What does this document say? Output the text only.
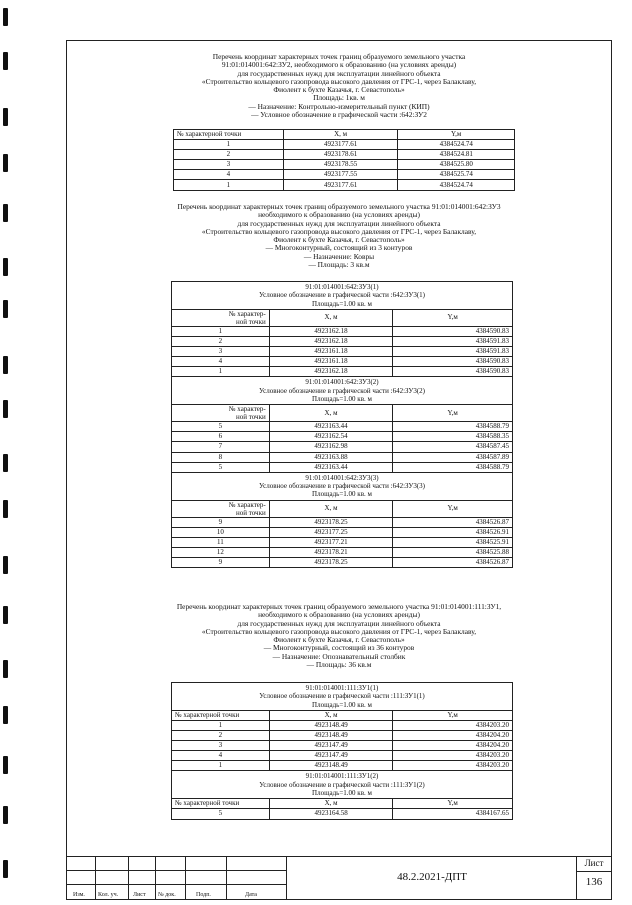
Перечень координат характерных точек границ образуемого земельного участка
91:01:014001:642:ЗУ2, необходимого к образованию (на условиях аренды)
для государственных нужд для эксплуатации линейного объекта
«Строительство кольцевого газопровода высокого давления от ГРС-1, через Балаклаву,
Фиолент к бухте Казачья, г. Севастополь»
Площадь: 1кв. м
— Назначение: Контрольно-измерительный пункт (КИП)
— Условное обозначение в графической части :642:ЗУ2
№ характерной точки	X, м	Y,м
1	4923177.61	4384524.74
2	4923178.61	4384524.81
3	4923178.55	4384525.80
4	4923177.55	4384525.74
1	4923177.61	4384524.74
Перечень координат характерных точек границ образуемого земельного участка 91:01:014001:642:ЗУ3
необходимого к образованию (на условиях аренды)
для государственных нужд для эксплуатации линейного объекта
«Строительство кольцевого газопровода высокого давления от ГРС-1, через Балаклаву,
Фиолент к бухте Казачья, г. Севастополь»
— Многоконтурный, состоящий из 3 контуров
— Назначение: Ковры
— Площадь: 3 кв.м
91:01:014001:642:ЗУ3(1)
Условное обозначение в графической части :642:ЗУ3(1)
Площадь=1.00 кв. м		

№ характер-
ной точки	X, м	Y,м
1	4923162.18	4384590.83
2	4923162.18	4384591.83
3	4923161.18	4384591.83
4	4923161.18	4384590.83
1	4923162.18	4384590.83

91:01:014001:642:ЗУ3(2)
Условное обозначение в графической части :642:ЗУ3(2)
Площадь=1.00 кв. м		

№ характер-
ной точки	X, м	Y,м
5	4923163.44	4384588.79
6	4923162.54	4384588.35
7	4923162.98	4384587.45
8	4923163.88	4384587.89
5	4923163.44	4384588.79

91:01:014001:642:ЗУ3(3)
Условное обозначение в графической части :642:ЗУ3(3)
Площадь=1.00 кв. м		

№ характер-
ной точки	X, м	Y,м
9	4923178.25	4384526.87
10	4923177.25	4384526.91
11	4923177.21	4384525.91
12	4923178.21	4384525.88
9	4923178.25	4384526.87
Перечень координат характерных точек границ образуемого земельного участка 91:01:014001:111:ЗУ1,
необходимого к образованию (на условиях аренды)
для государственных нужд для эксплуатации линейного объекта
«Строительство кольцевого газопровода высокого давления от ГРС-1, через Балаклаву,
Фиолент к бухте Казачья, г. Севастополь»
— Многоконтурный, состоящий из 36 контуров
— Назначение: Опознавательный столбик
— Площадь: 36 кв.м
91:01:014001:111:ЗУ1(1)
Условное обозначение в графической части :111:ЗУ1(1)
Площадь=1.00 кв. м		

№ характерной точки	X, м	Y,м
1	4923148.49	4384203.20
2	4923148.49	4384204.20
3	4923147.49	4384204.20
4	4923147.49	4384203.20
1	4923148.49	4384203.20

91:01:014001:111:ЗУ1(2)
Условное обозначение в графической части :111:ЗУ1(2)
Площадь=1.00 кв. м		

№ характерной точки	X, м	Y,м
5	4923164.58	4384167.65
Изм. Кол. уч. Лист № док.	Подп.	Дата
48.2.2021-ДПТ
Лист
136
